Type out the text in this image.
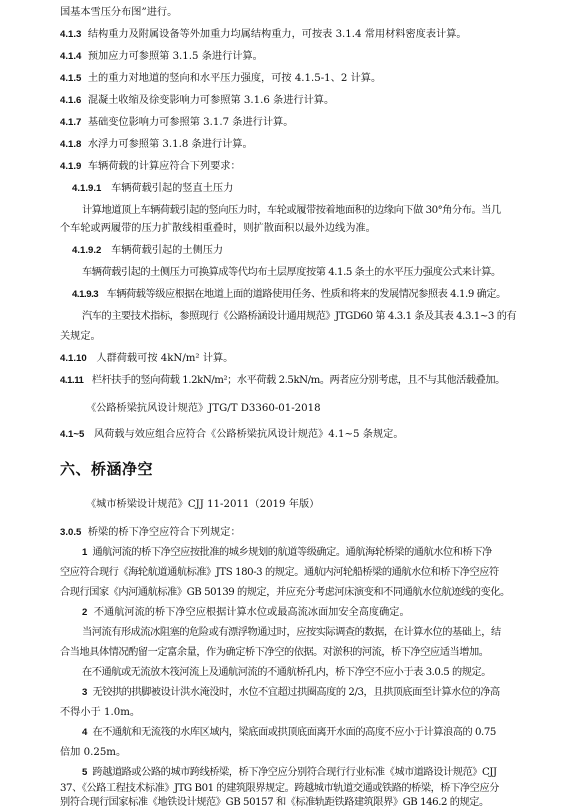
国基本雪压分布图”进行。
4.1.3 结构重力及附属设备等外加重力均属结构重力，可按表 3.1.4 常用材料密度表计算。
4.1.4 预加应力可参照第 3.1.5 条进行计算。
4.1.5 土的重力对地道的竖向和水平压力强度，可按 4.1.5-1、2 计算。
4.1.6 混凝土收缩及徐变影响力可参照第 3.1.6 条进行计算。
4.1.7 基础变位影响力可参照第 3.1.7 条进行计算。
4.1.8 水浮力可参照第 3.1.8 条进行计算。
4.1.9 车辆荷载的计算应符合下列要求：
4.1.9.1 车辆荷载引起的竖直土压力
计算地道顶上车辆荷载引起的竖向压力时，车轮或履带按着地面积的边缘向下做 30°角分布。当几
个车轮或两履带的压力扩散线相重叠时，则扩散面积以最外边线为准。
4.1.9.2 车辆荷载引起的土侧压力
车辆荷载引起的土侧压力可换算成等代均布土层厚度按第 4.1.5 条土的水平压力强度公式来计算。
4.1.9.3 车辆荷载等级应根据在地道上面的道路使用任务、性质和将来的发展情况参照表 4.1.9 确定。
汽车的主要技术指标，参照现行《公路桥涵设计通用规范》JTGD60 第 4.3.1 条及其表 4.3.1~3 的有
关规定。
4.1.10 人群荷载可按 4kN/m² 计算。
4.1.11 栏杆扶手的竖向荷载 1.2kN/m²；水平荷载 2.5kN/m。两者应分别考虑，且不与其他活载叠加。
《公路桥梁抗风设计规范》JTG/T D3360-01-2018
4.1~5 风荷载与效应组合应符合《公路桥梁抗风设计规范》4.1~5 条规定。
六、桥涵净空
《城市桥梁设计规范》CJJ 11-2011（2019 年版）
3.0.5 桥梁的桥下净空应符合下列规定：
1 通航河流的桥下净空应按批准的城乡规划的航道等级确定。通航海轮桥梁的通航水位和桥下净
空应符合现行《海轮航道通航标准》JTS 180-3 的规定。通航内河轮船桥梁的通航水位和桥下净空应符
合现行国家《内河通航标准》GB 50139 的规定，并应充分考虑河床演变和不同通航水位航迹线的变化。
2 不通航河流的桥下净空应根据计算水位或最高流冰面加安全高度确定。
当河流有形成流冰阻塞的危险或有漂浮物通过时，应按实际调查的数据，在计算水位的基础上，结
合当地具体情况酌留一定富余量，作为确定桥下净空的依据。对淤积的河流，桥下净空应适当增加。
在不通航或无流放木筏河流上及通航河流的不通航桥孔内，桥下净空不应小于表 3.0.5 的规定。
3 无铰拱的拱脚被设计洪水淹没时，水位不宜超过拱圈高度的 2/3，且拱顶底面至计算水位的净高
不得小于 1.0m。
4 在不通航和无流筏的水库区域内，梁底面或拱顶底面离开水面的高度不应小于计算浪高的 0.75
倍加 0.25m。
5 跨越道路或公路的城市跨线桥梁，桥下净空应分别符合现行行业标准《城市道路设计规范》CJJ
37、《公路工程技术标准》JTG B01 的建筑限界规定。跨越城市轨道交通或铁路的桥梁，桥下净空应分
别符合现行国家标准《地铁设计规范》GB 50157 和《标准轨距铁路建筑限界》GB 146.2 的规定。
